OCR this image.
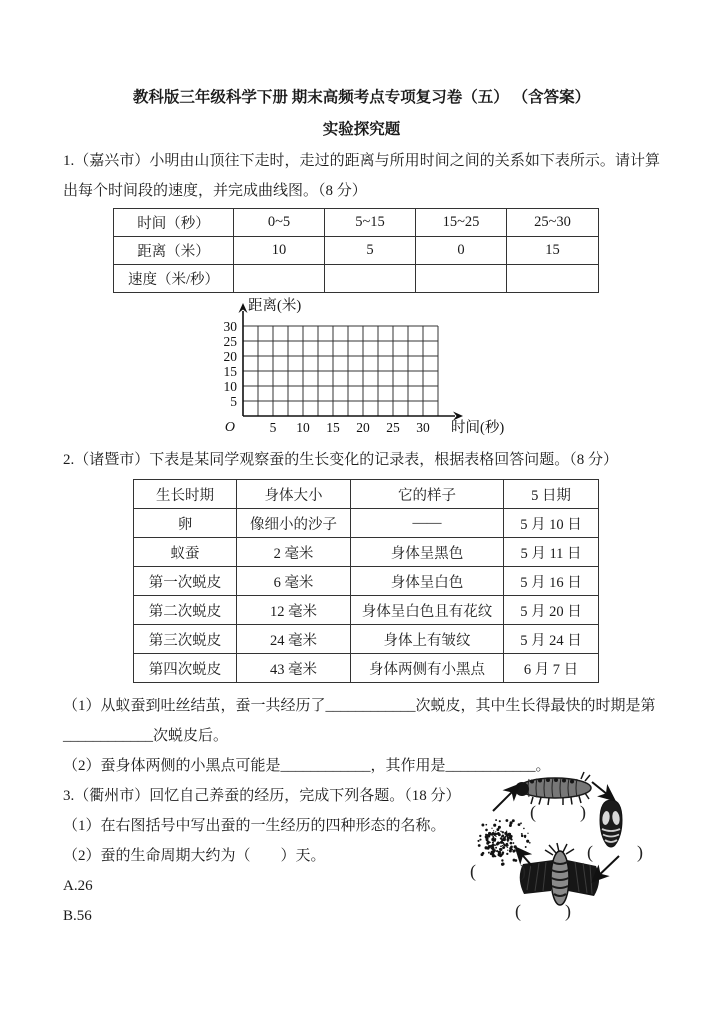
教科版三年级科学下册 期末高频考点专项复习卷（五） （含答案）
实验探究题

1.（嘉兴市）小明由山顶往下走时，走过的距离与所用时间之间的关系如下表所示。请计算出每个时间段的速度，并完成曲线图。（8 分）

时间（秒）	0~5	5~15	15~25	25~30
距离（米）	10	5	0	15
速度（米/秒）				
5
10
15
20
25
30
5 10 15 20 25 30
O
距离(米)
时间(秒)

2.（诸暨市）下表是某同学观察蚕的生长变化的记录表，根据表格回答问题。（8 分）

生长时期	身体大小	它的样子	5 日期
卵	像细小的沙子	——	5 月 10 日
蚁蚕	2 毫米	身体呈黑色	5 月 11 日
第一次蜕皮	6 毫米	身体呈白色	5 月 16 日
第二次蜕皮	12 毫米	身体呈白色且有花纹	5 月 20 日
第三次蜕皮	24 毫米	身体上有皱纹	5 月 24 日
第四次蜕皮	43 毫米	身体两侧有小黑点	6 月 7 日

（1）从蚁蚕到吐丝结茧，蚕一共经历了____________次蜕皮，其中生长得最快的时期是第

____________次蜕皮后。

（2）蚕身体两侧的小黑点可能是____________，其作用是____________。

3.（衢州市）回忆自己养蚕的经历，完成下列各题。（18 分）

（1）在右图括号中写出蚕的一生经历的四种形态的名称。

（2）蚕的生命周期大约为（　　）天。

A.26

B.56

( )
( )
( )
( )
